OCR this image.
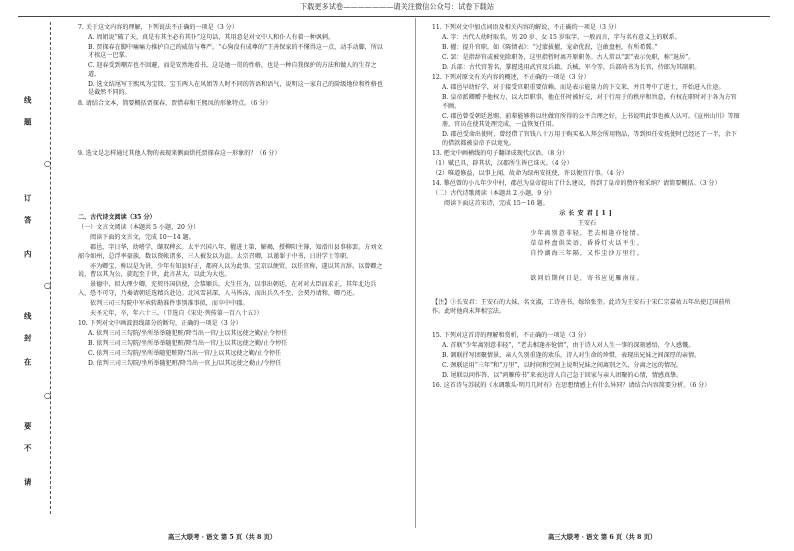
下载更多试卷———————请关注微信公众号：试卷下载站
线
题
○
订
答
内
○
线
封
在
○
要
不
请

7. 关于这文内容的理解，下列说法不正确的一项是（3 分）

A. 周姐说“破了天，真是有其主必有其仆”这句话，其用意是对文中人和仆人有着一种讽刺。

B. 贾探春在脚中痛痛力推护自己的威信与尊严。“心狗没有成尊的”王善保家的不懂得这一点，动手动脚，所以才挨这一巴掌。

C. 迎春受到嘲弄也不回避，而是安然地看书，这是她一贯的性格，也是一种自我保护的方法和做人的生存之道。

D. 选文结尾写王熙凤为宝钗、宝玉两人在风姐等人时不同的答语和语气，说明这一家自己的阶级地位和性格也是截然不同的。

8. 请结合文本，简要概括贾探春、贾惜春和王熙凤的形象特点。（6 分）

9. 选文是怎样通过其他人物的表现来侧面烘托贾探春这一形象的？（6 分）

二、古代诗文阅读（35 分）

（一）文言文阅读（本题共 5 小题，20 分）

阅读下面的文言文，完成 10～14 题。

郡邑，字日华，幼嗜学，缬双稗玄。太平兴国八年，擢进士第，解褐，授柳阳主簿，知滑川县事移罢。方刘文韶今如州，总浮率豪族，数以资帐诸多，三人被发以为盗。太宗召卿，以谨罪于中书，日讲学士等职。

亦为卿宝、称以是为讲，少年有知县好正，都府人以为此事。宝京以便贸，以任官称，遂以其言辞。以曾卿之说，曹以其为公，旋起至于世，此言甚大，以此为大也。

景德中，拟大理少卿，充契丹国信使，会恭顺兵，大生任为，以事出朝廷，在对对大臣而求正，其年北边兵入，恐不可守，乃奏请朝廷选精兵赴边。北风雪甚深，人马皆冻，而出兵久不至，会契丹请和，卿乃还。

依判三司三勾院中军承转勘准件事别准事拟，而卒中中郡。

天圣元年，卒，年六十三。（节选自《宋史·列传第一百八十五》）

10. 下列对文中画波浪线部分的断句，正确的一项是（3 分）

A. 依判三司三勾院/坐所举举随犯赃/降当出一官/上以其远使之勤/止令停任

B. 依判三司三勾院/坐所举举随犯赃/降当出一官/上以其远使之勤/止令停任

C. 依判三司三勾院/坐所举随犯赃降/当出一官/上以其远使之勤/止令停任

D. 依判三司三勾院/坐所举随犯赃/降当出一官上/以其远使之勤止/令停任

11. 下列对文中加点词语及相关内容的解说，不正确的一项是（3 分）

A. 字：古代人幼时取名，男 20 岁、女 15 岁取字，一般而言，字与名有意义上的联系。

B. 擢：提升官职。如《陈情表》：“过蒙拔擢，宠命优渥，岂敢盘桓，有所希冀。”

C. 罢：是指辞官或被免除职务，这里指暂时离开原职务。古人常以“罢”表示免职，称“退居”。

D. 兵部：古代官署名，掌握选用武官及兵籍、兵械、军令等，兵部尚书为长官，侍郎为其副职。

12. 下列对原文有关内容的概述，不正确的一项是（3 分）

A. 郡邑早幼好学，对于接受官职重要信赖。而是表示能量力的下交来，并且考中了进士，开始进入仕途。

B. 皇帝派卿赠予他权力，以大臣职事，他在任时被好交，对于行用于的秩序和旨意，有权在职时对于各为方官不顾。

C. 郡邑曾受朝廷恩赐，前辈能够将以往做官所得的公平合理之好，上书说明此事也被人认可。《宣州山川》等图册，官员在使其处理完成，一直恢复任用。

D. 郡邑受命出使时，曾经借了官钱八十万用于购买私人拜会所用物品，等到担任安抚使时已经还了一半，余下的借款都被皇帝予以宽免。

13. 把文中画横线的句子翻译成现代汉语。（8 分）

（1）赋已具，辟其状，汉郡所生皆已诛灭。（4 分）

（2）唯道修益，以事上闻，故命为绿州安抚使，许以便宜行事。（4 分）

14. 黎邑曾的小儿年少中村，郡邑为皇帝提出了什么建议，得到了皇帝的赞许和采纳？请简要概括。（3 分）

（二）古代诗歌阅读（本题共 2 小题，9 分）

阅读下面这首宋诗，完成 15～16 题。

示长安君[1]

王安石

少年离别意非轻，老去相逢亦怆情。

草草杯盘供笑语，昏昏灯火话平生。

自怜湖海三年隔，又作尘沙万里行。

欲问后期何日是，寄书应见雁南征。

【注】①长安君：王安石的大妹，名文淑，工诗善书，嫁给张奎。此诗为王安石于宋仁宗嘉祐五年出使辽国前所作。此时他尚未拜相宝法。

15. 下列对这首诗的理解和赏析，不正确的一项是（3 分）

A. 首联“少年离别意非轻”，“老去相逢亦怆情”，由于诗人对人生一事的深刻感悟，令人感慨。

B. 颔联抒写团聚情景，亲人久别重逢的欢乐，诗人对生命的珍惜，表现出兄妹之间深厚的亲情。

C. 颈联运用“三年”和“万里”，以时间和空间上说明兄妹之间离别之久、分离之远的情况。

D. 尾联以问作答，以“鸿雁传书”来表达诗人自己急于回家与亲人团聚的心情，情感真挚。

16. 这首诗与苏轼的《水调歌头·明月几时有》在思想情感上有什么异同？请结合内容简要分析。（6 分）

高三大联考 · 语文 第 5 页（共 8 页）	高三大联考 · 语文 第 6 页（共 8 页）
